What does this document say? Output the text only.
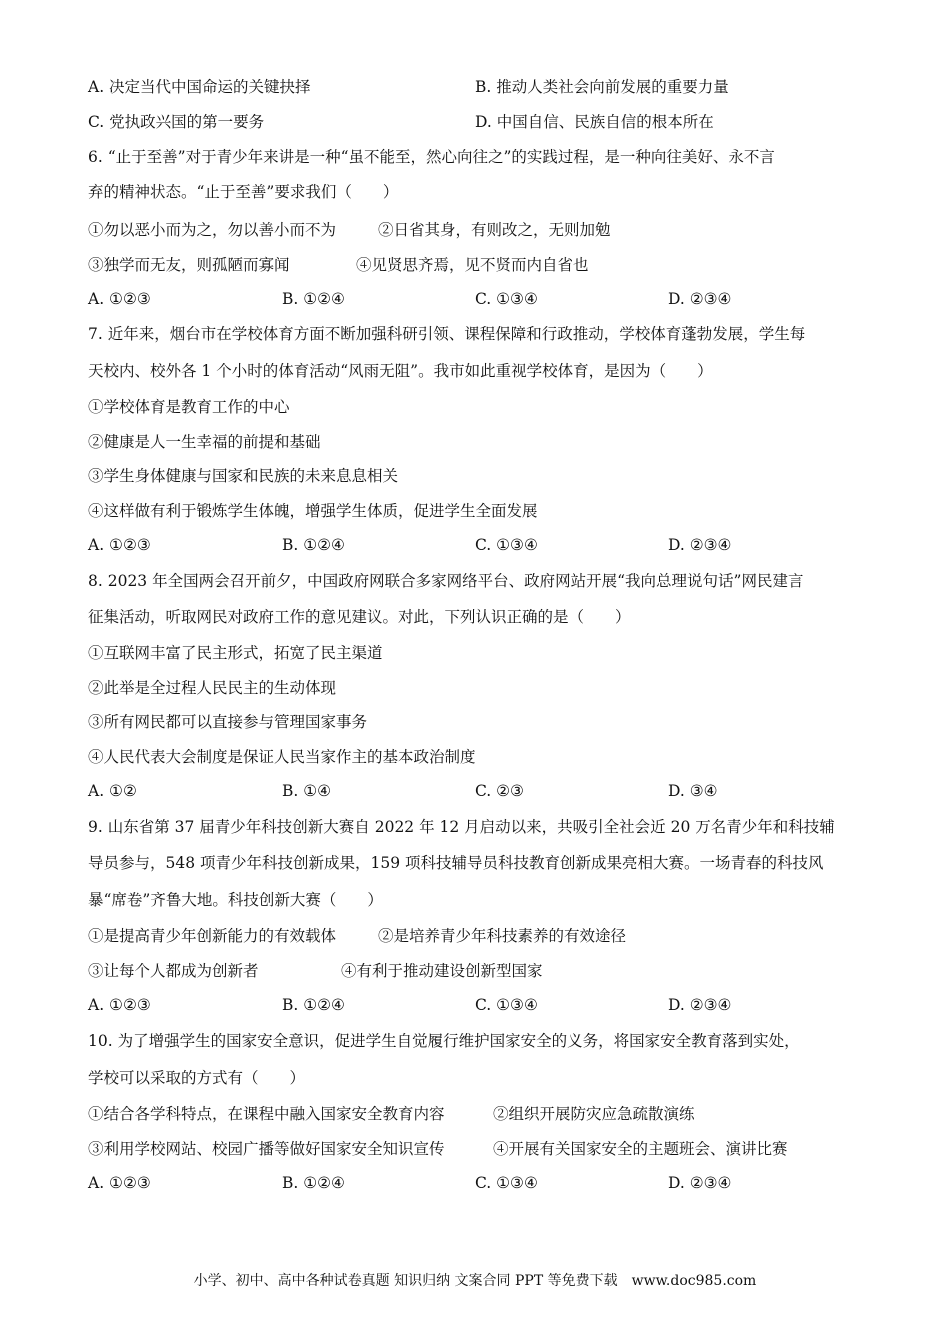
A. 决定当代中国命运的关键抉择	B. 推动人类社会向前发展的重要力量
C. 党执政兴国的第一要务	D. 中国自信、民族自信的根本所在
6. “止于至善”对于青少年来讲是一种“虽不能至，然心向往之”的实践过程，是一种向往美好、永不言
弃的精神状态。“止于至善”要求我们（　　）
①勿以恶小而为之，勿以善小而不为	②日省其身，有则改之，无则加勉
③独学而无友，则孤陋而寡闻	④见贤思齐焉，见不贤而内自省也
A. ①②③	B. ①②④	C. ①③④	D. ②③④
7. 近年来，烟台市在学校体育方面不断加强科研引领、课程保障和行政推动，学校体育蓬勃发展，学生每
天校内、校外各 1 个小时的体育活动“风雨无阻”。我市如此重视学校体育，是因为（　　）
①学校体育是教育工作的中心
②健康是人一生幸福的前提和基础
③学生身体健康与国家和民族的未来息息相关
④这样做有利于锻炼学生体魄，增强学生体质，促进学生全面发展
A. ①②③	B. ①②④	C. ①③④	D. ②③④
8. 2023 年全国两会召开前夕，中国政府网联合多家网络平台、政府网站开展“我向总理说句话”网民建言
征集活动，听取网民对政府工作的意见建议。对此，下列认识正确的是（　　）
①互联网丰富了民主形式，拓宽了民主渠道
②此举是全过程人民民主的生动体现
③所有网民都可以直接参与管理国家事务
④人民代表大会制度是保证人民当家作主的基本政治制度
A. ①②	B. ①④	C. ②③	D. ③④
9. 山东省第 37 届青少年科技创新大赛自 2022 年 12 月启动以来，共吸引全社会近 20 万名青少年和科技辅
导员参与，548 项青少年科技创新成果，159 项科技辅导员科技教育创新成果亮相大赛。一场青春的科技风
暴“席卷”齐鲁大地。科技创新大赛（　　）
①是提高青少年创新能力的有效载体	②是培养青少年科技素养的有效途径
③让每个人都成为创新者	④有利于推动建设创新型国家
A. ①②③	B. ①②④	C. ①③④	D. ②③④
10. 为了增强学生的国家安全意识，促进学生自觉履行维护国家安全的义务，将国家安全教育落到实处，
学校可以采取的方式有（　　）
①结合各学科特点，在课程中融入国家安全教育内容	②组织开展防灾应急疏散演练
③利用学校网站、校园广播等做好国家安全知识宣传	④开展有关国家安全的主题班会、演讲比赛
A. ①②③	B. ①②④	C. ①③④	D. ②③④
小学、初中、高中各种试卷真题 知识归纳 文案合同 PPT 等免费下载 www.doc985.com
